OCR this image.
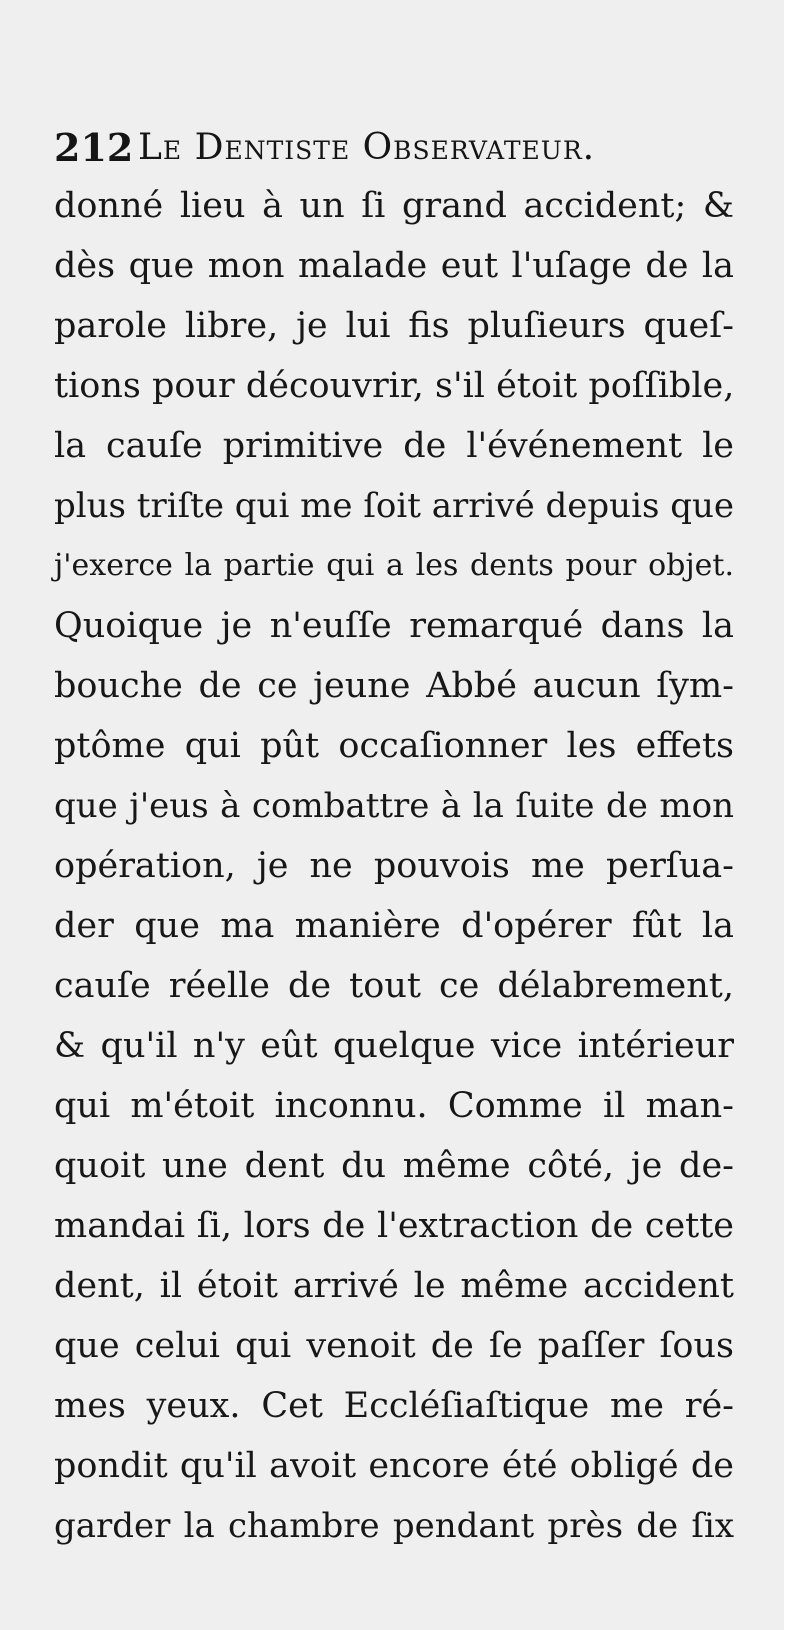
212 Le Dentiste Observateur.
donné lieu à un ſi grand accident; &
dès que mon malade eut l'uſage de la
parole libre, je lui fis pluſieurs queſ-
tions pour découvrir, s'il étoit poſſible,
la cauſe primitive de l'événement le
plus triſte qui me ſoit arrivé depuis que
j'exerce la partie qui a les dents pour objet.
Quoique je n'euſſe remarqué dans la
bouche de ce jeune Abbé aucun ſym-
ptôme qui pût occaſionner les effets
que j'eus à combattre à la ſuite de mon
opération, je ne pouvois me perſua-
der que ma manière d'opérer fût la
cauſe réelle de tout ce délabrement,
& qu'il n'y eût quelque vice intérieur
qui m'étoit inconnu. Comme il man-
quoit une dent du même côté, je de-
mandai ſi, lors de l'extraction de cette
dent, il étoit arrivé le même accident
que celui qui venoit de ſe paſſer ſous
mes yeux. Cet Eccléſiaſtique me ré-
pondit qu'il avoit encore été obligé de
garder la chambre pendant près de ſix
